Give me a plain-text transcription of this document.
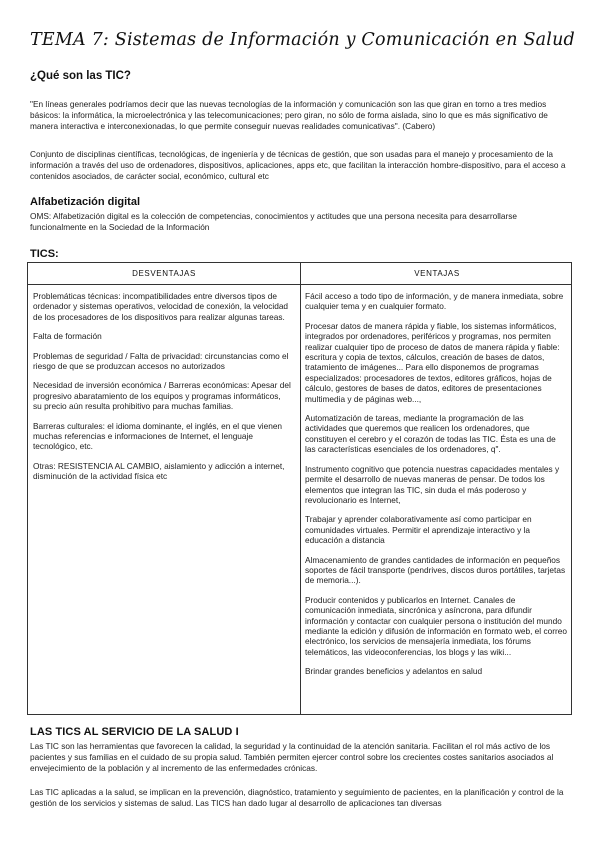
TEMA 7: Sistemas de Información y Comunicación en Salud
¿Qué son las TIC?
"En líneas generales podríamos decir que las nuevas tecnologías de la información y comunicación son las que giran en torno a tres medios básicos: la informática, la microelectrónica y las telecomunicaciones; pero giran, no sólo de forma aislada, sino lo que es más significativo de manera interactiva e interconexionadas, lo que permite conseguir nuevas realidades comunicativas". (Cabero)
Conjunto de disciplinas científicas, tecnológicas, de ingeniería y de técnicas de gestión, que son usadas para el manejo y procesamiento de la información a través del uso de ordenadores, dispositivos, aplicaciones, apps etc, que facilitan la interacción hombre-dispositivo, para el acceso a contenidos asociados, de carácter social, económico, cultural etc
Alfabetización digital
OMS: Alfabetización digital es la colección de competencias, conocimientos y actitudes que una persona necesita para desarrollarse funcionalmente en la Sociedad de la Información
TICS:
DESVENTAJAS	VENTAJAS
Problemáticas técnicas: incompatibilidades entre diversos tipos de ordenador y sistemas operativos, velocidad de conexión, la velocidad de los procesadores de los dispositivos para realizar algunas tareas.
Falta de formación
Problemas de seguridad / Falta de privacidad: circunstancias como el riesgo de que se produzcan accesos no autorizados
Necesidad de inversión económica / Barreras económicas: Apesar del progresivo abaratamiento de los equipos y programas informáticos, su precio aún resulta prohibitivo para muchas familias.
Barreras culturales: el idioma dominante, el inglés, en el que vienen muchas referencias e informaciones de Internet, el lenguaje tecnológico, etc.
Otras: RESISTENCIA AL CAMBIO, aislamiento y adicción a internet, disminución de la actividad física etc
Fácil acceso a todo tipo de información, y de manera inmediata, sobre cualquier tema y en cualquier formato.
Procesar datos de manera rápida y fiable, los sistemas informáticos, integrados por ordenadores, periféricos y programas, nos permiten realizar cualquier tipo de proceso de datos de manera rápida y fiable: escritura y copia de textos, cálculos, creación de bases de datos, tratamiento de imágenes... Para ello disponemos de programas especializados: procesadores de textos, editores gráficos, hojas de cálculo, gestores de bases de datos, editores de presentaciones multimedia y de páginas web...,
Automatización de tareas, mediante la programación de las actividades que queremos que realicen los ordenadores, que constituyen el cerebro y el corazón de todas las TIC. Ésta es una de las características esenciales de los ordenadores, q".
Instrumento cognitivo que potencia nuestras capacidades mentales y permite el desarrollo de nuevas maneras de pensar. De todos los elementos que integran las TIC, sin duda el más poderoso y revolucionario es Internet,
Trabajar y aprender colaborativamente así como participar en comunidades virtuales. Permitir el aprendizaje interactivo y la educación a distancia
Almacenamiento de grandes cantidades de información en pequeños soportes de fácil transporte (pendrives, discos duros portátiles, tarjetas de memoria...).
Producir contenidos y publicarlos en Internet. Canales de comunicación inmediata, sincrónica y asíncrona, para difundir información y contactar con cualquier persona o institución del mundo mediante la edición y difusión de información en formato web, el correo electrónico, los servicios de mensajería inmediata, los fórums telemáticos, las videoconferencias, los blogs y las wiki...
Brindar grandes beneficios y adelantos en salud
LAS TICS AL SERVICIO DE LA SALUD I
Las TIC son las herramientas que favorecen la calidad, la seguridad y la continuidad de la atención sanitaria. Facilitan el rol más activo de los pacientes y sus familias en el cuidado de su propia salud. También permiten ejercer control sobre los crecientes costes sanitarios asociados al envejecimiento de la población y al incremento de las enfermedades crónicas.
Las TIC aplicadas a la salud, se implican en la prevención, diagnóstico, tratamiento y seguimiento de pacientes, en la planificación y control de la gestión de los servicios y sistemas de salud. Las TICS han dado lugar al desarrollo de aplicaciones tan diversas
